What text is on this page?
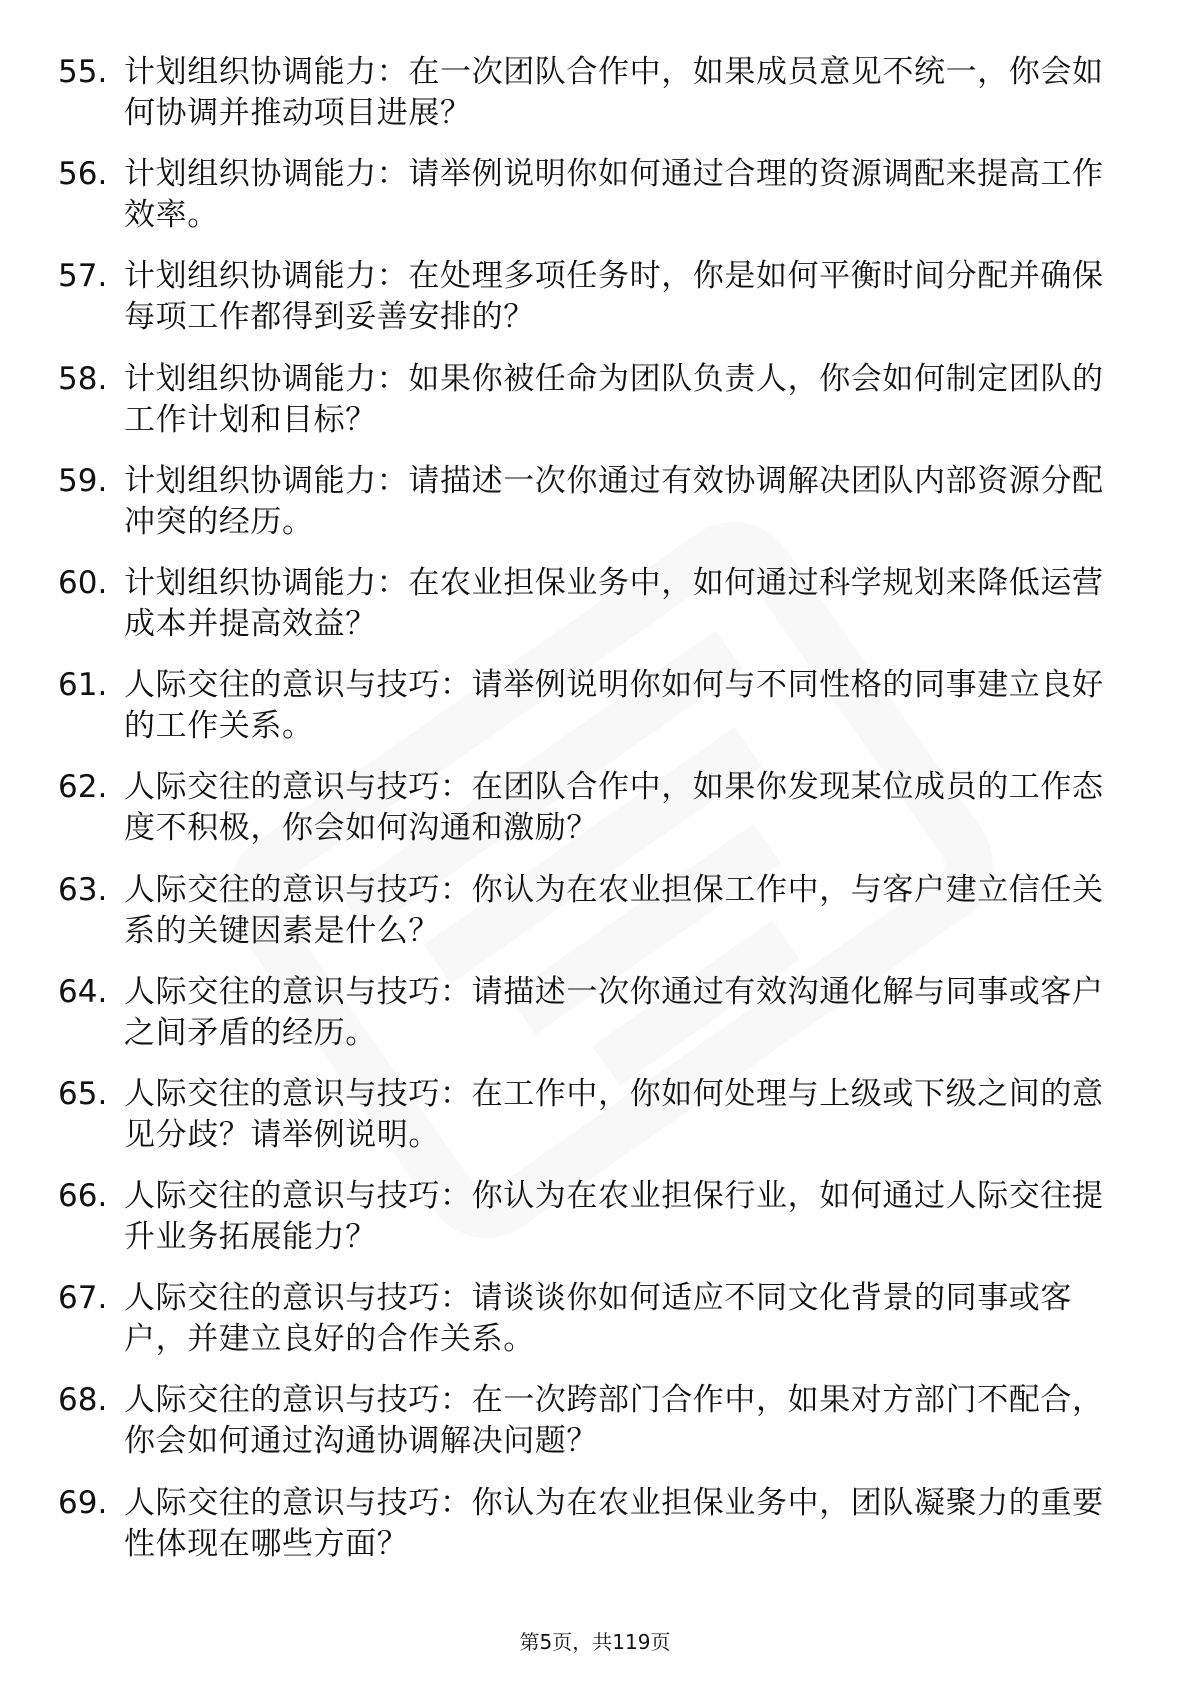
55. 计划组织协调能力：在一次团队合作中，如果成员意见不统一，你会如何协调并推动项目进展？
56. 计划组织协调能力：请举例说明你如何通过合理的资源调配来提高工作效率。
57. 计划组织协调能力：在处理多项任务时，你是如何平衡时间分配并确保每项工作都得到妥善安排的？
58. 计划组织协调能力：如果你被任命为团队负责人，你会如何制定团队的工作计划和目标？
59. 计划组织协调能力：请描述一次你通过有效协调解决团队内部资源分配冲突的经历。
60. 计划组织协调能力：在农业担保业务中，如何通过科学规划来降低运营成本并提高效益？
61. 人际交往的意识与技巧：请举例说明你如何与不同性格的同事建立良好的工作关系。
62. 人际交往的意识与技巧：在团队合作中，如果你发现某位成员的工作态度不积极，你会如何沟通和激励？
63. 人际交往的意识与技巧：你认为在农业担保工作中，与客户建立信任关系的关键因素是什么？
64. 人际交往的意识与技巧：请描述一次你通过有效沟通化解与同事或客户之间矛盾的经历。
65. 人际交往的意识与技巧：在工作中，你如何处理与上级或下级之间的意见分歧？请举例说明。
66. 人际交往的意识与技巧：你认为在农业担保行业，如何通过人际交往提升业务拓展能力？
67. 人际交往的意识与技巧：请谈谈你如何适应不同文化背景的同事或客户，并建立良好的合作关系。
68. 人际交往的意识与技巧：在一次跨部门合作中，如果对方部门不配合，你会如何通过沟通协调解决问题？
69. 人际交往的意识与技巧：你认为在农业担保业务中，团队凝聚力的重要性体现在哪些方面？
第5页，共119页
